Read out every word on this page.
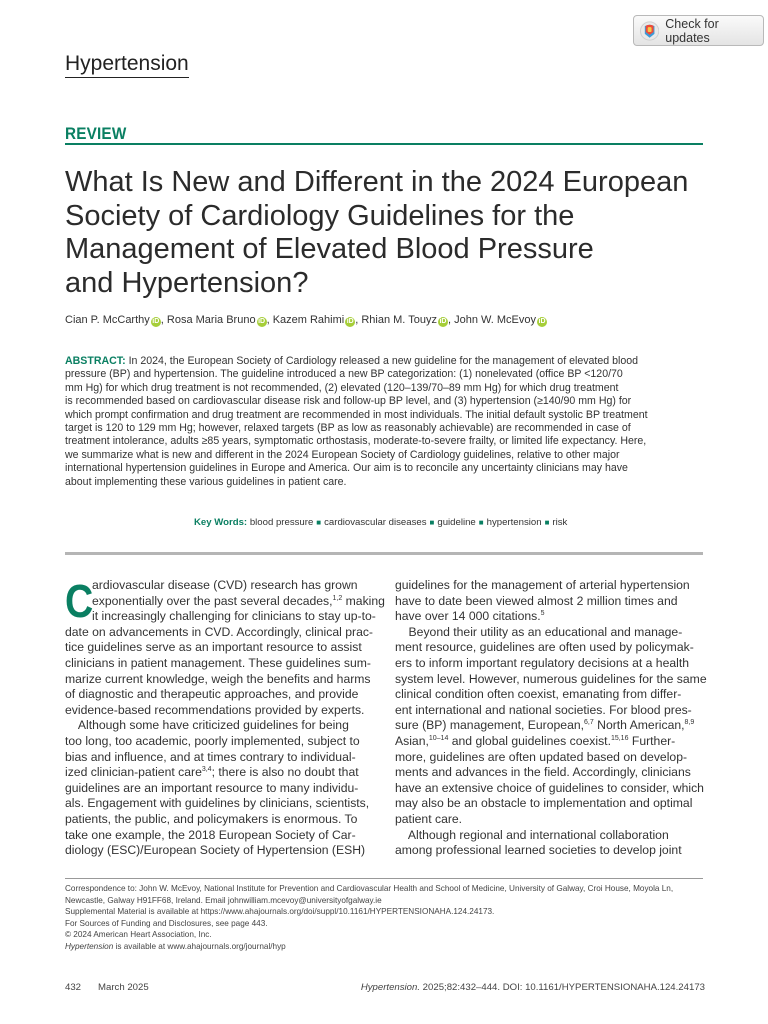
Check for updates
Hypertension
REVIEW
What Is New and Different in the 2024 European
Society of Cardiology Guidelines for the
Management of Elevated Blood Pressure
and Hypertension?
Cian P. McCarthy iD , Rosa Maria Bruno iD , Kazem Rahimi iD , Rhian M. Touyz iD , John W. McEvoy iD

ABSTRACT: In 2024, the European Society of Cardiology released a new guideline for the management of elevated blood

pressure (BP) and hypertension. The guideline introduced a new BP categorization: (1) nonelevated (office BP <120/70

mm Hg) for which drug treatment is not recommended, (2) elevated (120–139/70–89 mm Hg) for which drug treatment

is recommended based on cardiovascular disease risk and follow-up BP level, and (3) hypertension (≥140/90 mm Hg) for

which prompt confirmation and drug treatment are recommended in most individuals. The initial default systolic BP treatment

target is 120 to 129 mm Hg; however, relaxed targets (BP as low as reasonably achievable) are recommended in case of

treatment intolerance, adults ≥85 years, symptomatic orthostasis, moderate-to-severe frailty, or limited life expectancy. Here,

we summarize what is new and different in the 2024 European Society of Cardiology guidelines, relative to other major

international hypertension guidelines in Europe and America. Our aim is to reconcile any uncertainty clinicians may have

about implementing these various guidelines in patient care.

Key Words: blood pressure ■ cardiovascular diseases ■ guideline ■ hypertension ■ risk
C

ardiovascular disease (CVD) research has grown

exponentially over the past several decades,$^{1,2}$ making

it increasingly challenging for clinicians to stay up-to-

date on advancements in CVD. Accordingly, clinical prac-

tice guidelines serve as an important resource to assist

clinicians in patient management. These guidelines sum-

marize current knowledge, weigh the benefits and harms

of diagnostic and therapeutic approaches, and provide

evidence-based recommendations provided by experts.

Although some have criticized guidelines for being

too long, too academic, poorly implemented, subject to

bias and influence, and at times contrary to individual-

ized clinician-patient care$^{3,4}$; there is also no doubt that

guidelines are an important resource to many individu-

als. Engagement with guidelines by clinicians, scientists,

patients, the public, and policymakers is enormous. To

take one example, the 2018 European Society of Car-

diology (ESC)/European Society of Hypertension (ESH)

guidelines for the management of arterial hypertension

have to date been viewed almost 2 million times and

have over 14 000 citations.$^5$

Beyond their utility as an educational and manage-

ment resource, guidelines are often used by policymak-

ers to inform important regulatory decisions at a health

system level. However, numerous guidelines for the same

clinical condition often coexist, emanating from differ-

ent international and national societies. For blood pres-

sure (BP) management, European,$^{6,7}$ North American,$^{8,9}$

Asian,$^{10-14}$ and global guidelines coexist.$^{15,16}$ Further-

more, guidelines are often updated based on develop-

ments and advances in the field. Accordingly, clinicians

have an extensive choice of guidelines to consider, which

may also be an obstacle to implementation and optimal

patient care.

Although regional and international collaboration

among professional learned societies to develop joint

Correspondence to: John W. McEvoy, National Institute for Prevention and Cardiovascular Health and School of Medicine, University of Galway, Croi House, Moyola Ln,

Newcastle, Galway H91FF68, Ireland. Email johnwilliam.mcevoy@universityofgalway.ie

Supplemental Material is available at https://www.ahajournals.org/doi/suppl/10.1161/HYPERTENSIONAHA.124.24173.

For Sources of Funding and Disclosures, see page 443.

© 2024 American Heart Association, Inc.

Hypertension is available at www.ahajournals.org/journal/hyp

432 March 2025	Hypertension. 2025;82:432–444. DOI: 10.1161/HYPERTENSIONAHA.124.24173
